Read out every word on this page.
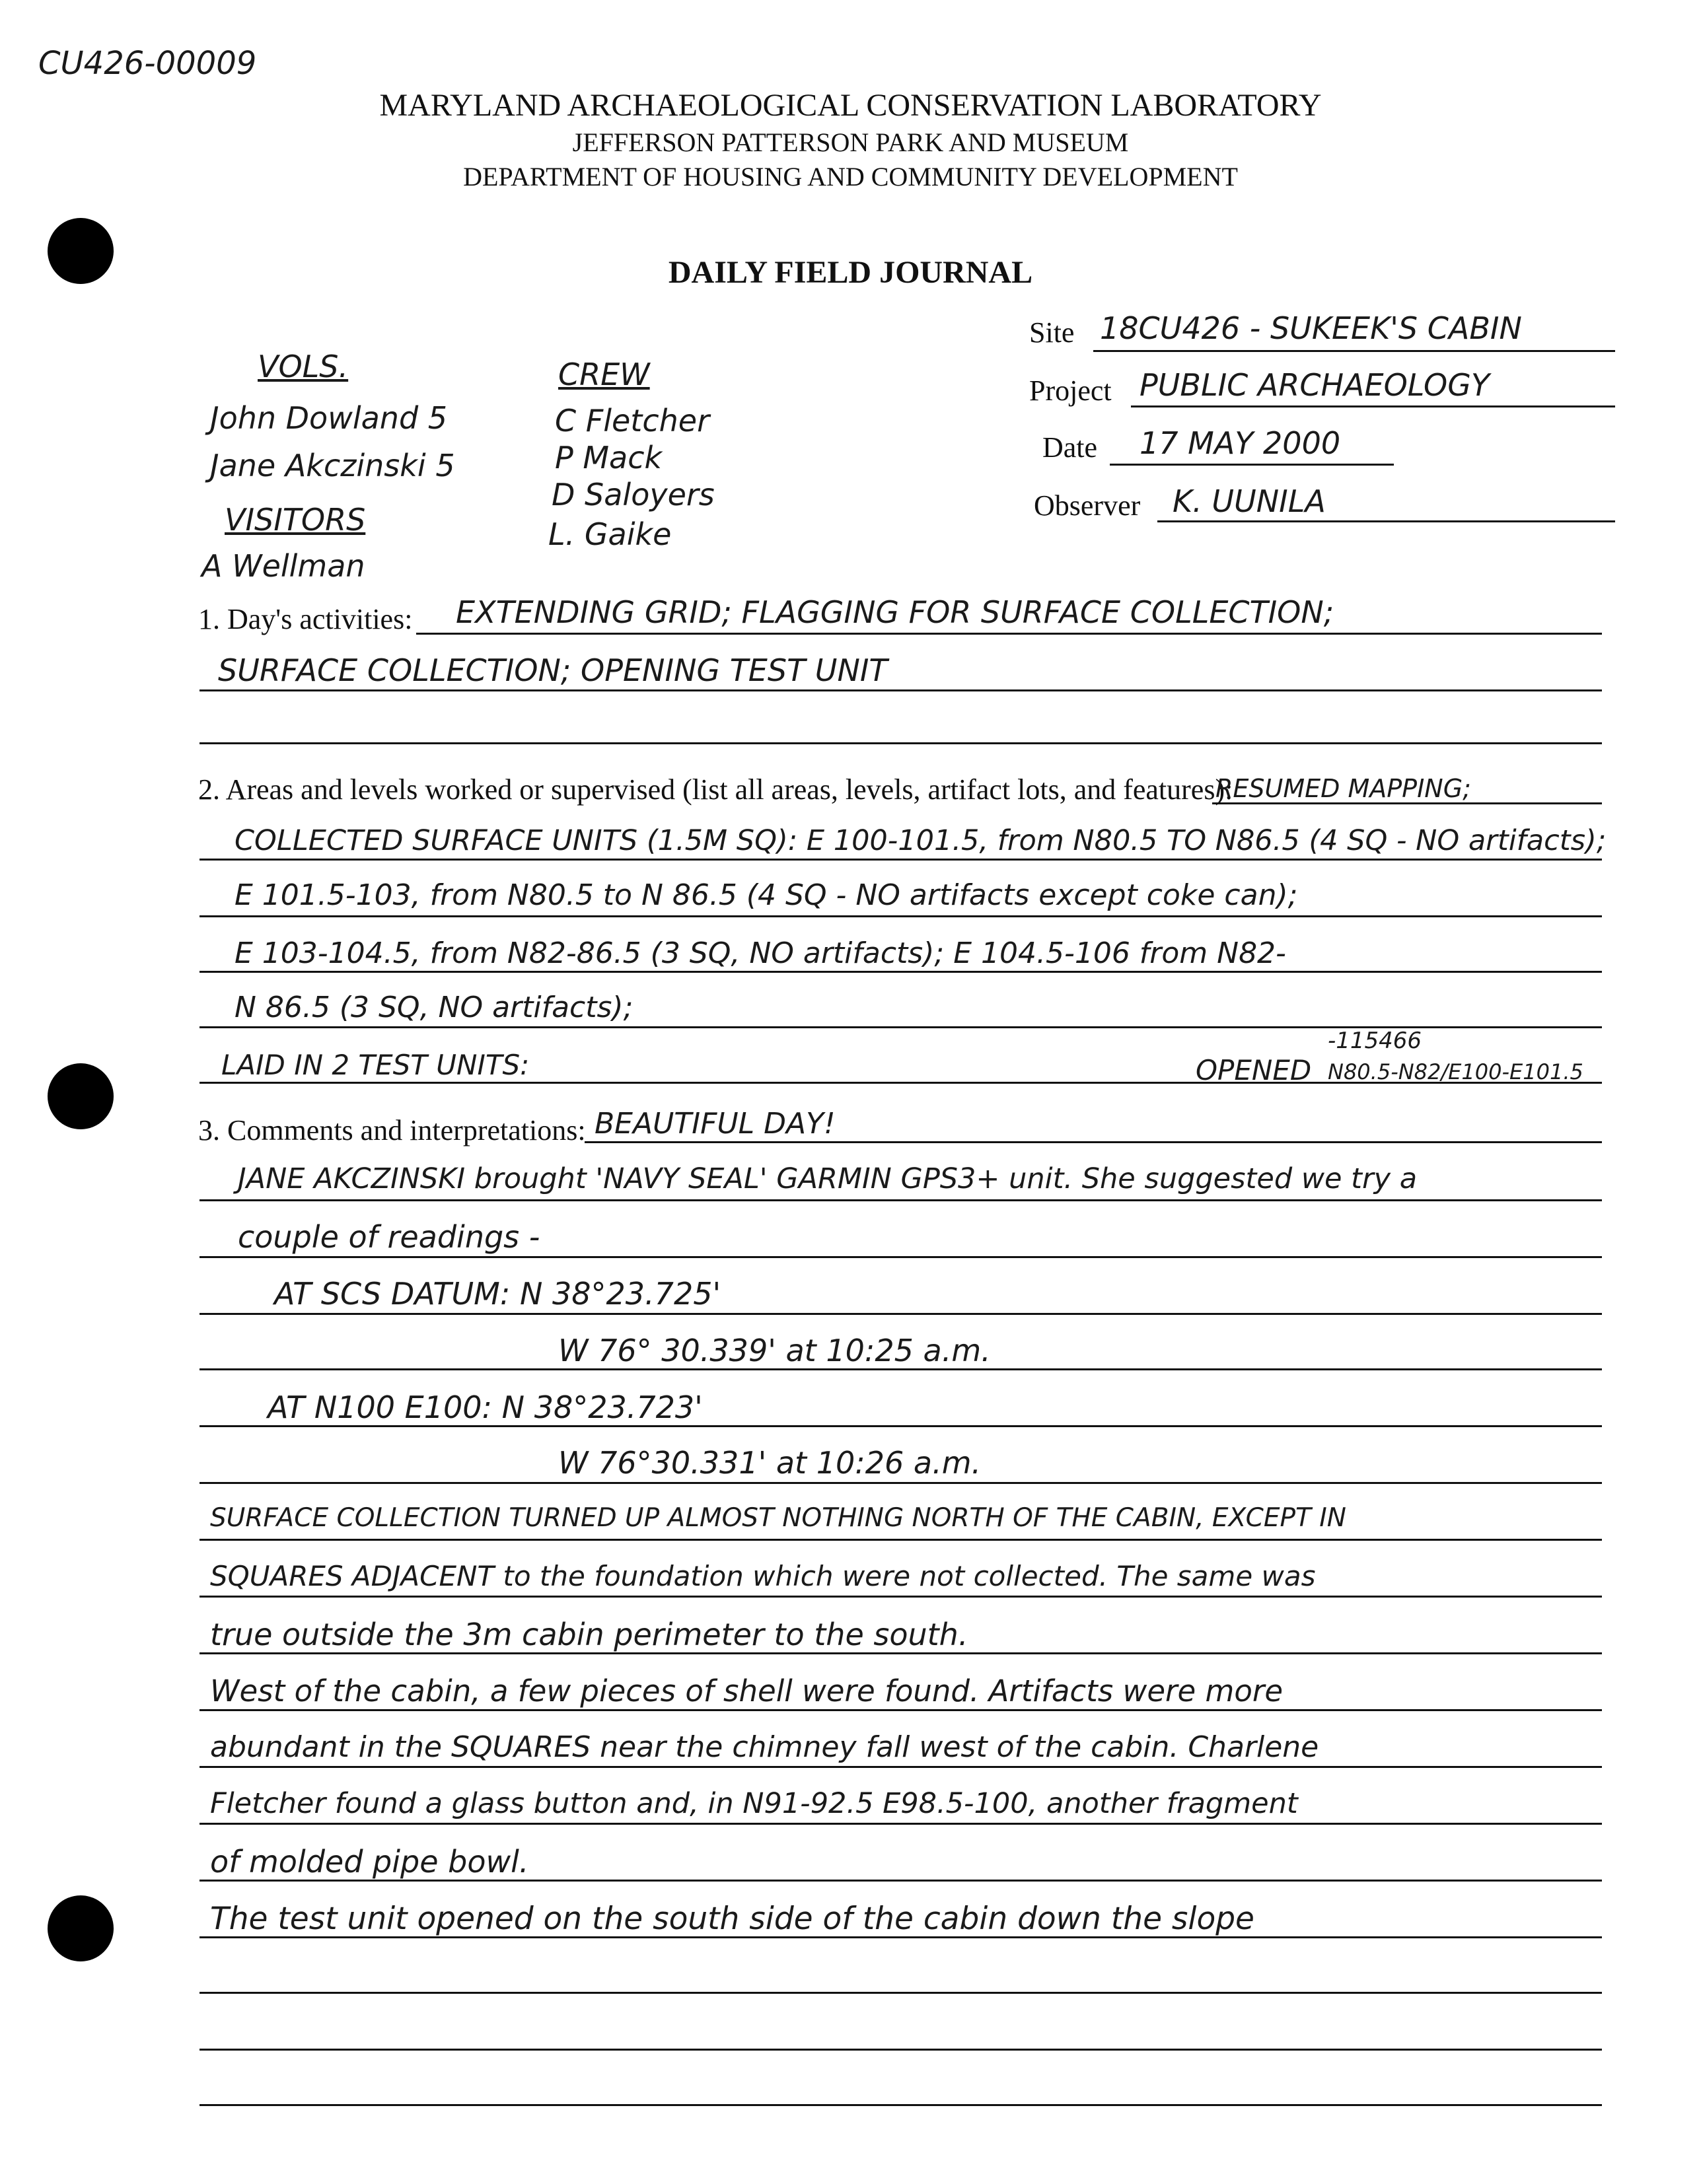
CU426-00009
MARYLAND ARCHAEOLOGICAL CONSERVATION LABORATORY
JEFFERSON PATTERSON PARK AND MUSEUM
DEPARTMENT OF HOUSING AND COMMUNITY DEVELOPMENT
DAILY FIELD JOURNAL
Site 18CU426 - SUKEEK'S CABIN
Project PUBLIC ARCHAEOLOGY
Date 17 MAY 2000
Observer K. UUNILA
VOLS.
John Dowland 5
Jane Akczinski 5
VISITORS
A Wellman
CREW
C Fletcher
P Mack
D Saloyers
L. Gaike
1. Day's activities: EXTENDING GRID; FLAGGING FOR SURFACE COLLECTION;
SURFACE COLLECTION; OPENING TEST UNIT
2. Areas and levels worked or supervised (list all areas, levels, artifact lots, and features):
RESUMED MAPPING;
COLLECTED SURFACE UNITS (1.5M SQ): E 100-101.5, from N80.5 TO N86.5 (4 SQ - NO artifacts);
E 101.5-103, from N80.5 to N 86.5 (4 SQ - NO artifacts except coke can);
E 103-104.5, from N82-86.5 (3 SQ, NO artifacts); E 104.5-106 from N82-
N 86.5 (3 SQ, NO artifacts);
LAID IN 2 TEST UNITS:	OPENED
-115466
N80.5-N82/E100-E101.5
3. Comments and interpretations: BEAUTIFUL DAY!
JANE AKCZINSKI brought 'NAVY SEAL' GARMIN GPS3+ unit. She suggested we try a
couple of readings -
AT SCS DATUM: N 38°23.725'
W 76° 30.339' at 10:25 a.m.
AT N100 E100: N 38°23.723'
W 76°30.331' at 10:26 a.m.
SURFACE COLLECTION TURNED UP ALMOST NOTHING NORTH OF THE CABIN, EXCEPT IN
SQUARES ADJACENT to the foundation which were not collected. The same was
true outside the 3m cabin perimeter to the south.
West of the cabin, a few pieces of shell were found. Artifacts were more
abundant in the SQUARES near the chimney fall west of the cabin. Charlene
Fletcher found a glass button and, in N91-92.5 E98.5-100, another fragment
of molded pipe bowl.
The test unit opened on the south side of the cabin down the slope
